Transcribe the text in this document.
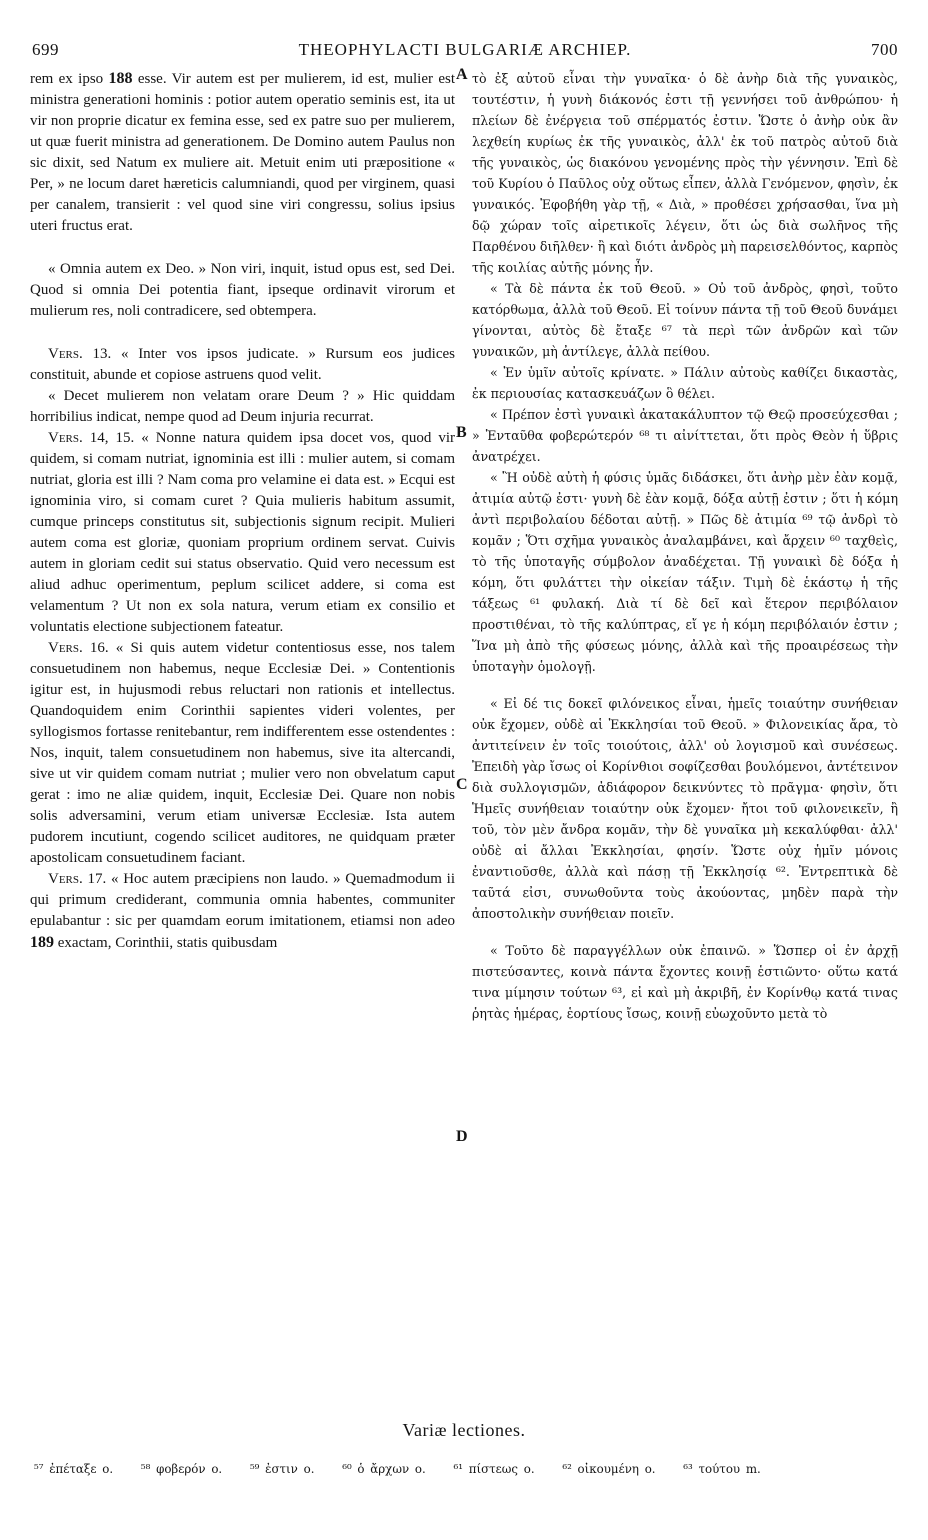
699	THEOPHYLACTI BULGARIÆ ARCHIEP.	700

rem ex ipso 188 esse. Vir autem est per mulierem, id est, mulier est ministra generationi hominis : potior autem operatio seminis est, ita ut vir non proprie dicatur ex femina esse, sed ex patre suo per mulierem, ut quæ fuerit ministra ad generationem. De Domino autem Paulus non sic dixit, sed Natum ex muliere ait. Metuit enim uti præpositione « Per, » ne locum daret hæreticis calumniandi, quod per virginem, quasi per canalem, transierit : vel quod sine viri congressu, solius ipsius uteri fructus erat.

« Omnia autem ex Deo. » Non viri, inquit, istud opus est, sed Dei. Quod si omnia Dei potentia fiant, ipseque ordinavit virorum et mulierum res, noli contradicere, sed obtempera.

Vers. 13. « Inter vos ipsos judicate. » Rursum eos judices constituit, abunde et copiose astruens quod velit.

« Decet mulierem non velatam orare Deum ? » Hic quiddam horribilius indicat, nempe quod ad Deum injuria recurrat.

Vers. 14, 15. « Nonne natura quidem ipsa docet vos, quod vir quidem, si comam nutriat, ignominia est illi : mulier autem, si comam nutriat, gloria est illi ? Nam coma pro velamine ei data est. » Ecqui est ignominia viro, si comam curet ? Quia mulieris habitum assumit, cumque princeps constitutus sit, subjectionis signum recipit. Mulieri autem coma est gloriæ, quoniam proprium ordinem servat. Cuivis autem in gloriam cedit sui status observatio. Quid vero necessum est aliud adhuc operimentum, peplum scilicet addere, si coma est velamentum ? Ut non ex sola natura, verum etiam ex consilio et voluntatis electione subjectionem fateatur.

Vers. 16. « Si quis autem videtur contentiosus esse, nos talem consuetudinem non habemus, neque Ecclesiæ Dei. » Contentionis igitur est, in hujusmodi rebus reluctari non rationis et intellectus. Quandoquidem enim Corinthii sapientes videri volentes, per syllogismos fortasse renitebantur, rem indifferentem esse ostendentes : Nos, inquit, talem consuetudinem non habemus, sive ita altercandi, sive ut vir quidem comam nutriat ; mulier vero non obvelatum caput gerat : imo ne aliæ quidem, inquit, Ecclesiæ Dei. Quare non nobis solis adversamini, verum etiam universæ Ecclesiæ. Ista autem pudorem incutiunt, cogendo scilicet auditores, ne quidquam præter apostolicam consuetudinem faciant.

Vers. 17. « Hoc autem præcipiens non laudo. » Quemadmodum ii qui primum crediderant, communia omnia habentes, communiter epulabantur : sic per quamdam eorum imitationem, etiamsi non adeo 189 exactam, Corinthii, statis quibusdam

A
B
C
D

τὸ ἐξ αὐτοῦ εἶναι τὴν γυναῖκα· ὁ δὲ ἀνὴρ διὰ τῆς γυναικὸς, τουτέστιν, ἡ γυνὴ διάκονός ἐστι τῇ γεννήσει τοῦ ἀνθρώπου· ἡ πλείων δὲ ἐνέργεια τοῦ σπέρματός ἐστιν. Ὥστε ὁ ἀνὴρ οὐκ ἂν λεχθείη κυρίως ἐκ τῆς γυναικὸς, ἀλλ' ἐκ τοῦ πατρὸς αὐτοῦ διὰ τῆς γυναικὸς, ὡς διακόνου γενομένης πρὸς τὴν γέννησιν. Ἐπὶ δὲ τοῦ Κυρίου ὁ Παῦλος οὐχ οὕτως εἶπεν, ἀλλὰ Γενόμενον, φησὶν, ἐκ γυναικός. Ἐφοβήθη γὰρ τῇ, « Διὰ, » προθέσει χρήσασθαι, ἵνα μὴ δῷ χώραν τοῖς αἱρετικοῖς λέγειν, ὅτι ὡς διὰ σωλῆνος τῆς Παρθένου διῆλθεν· ἢ καὶ διότι ἀνδρὸς μὴ παρεισελθόντος, καρπὸς τῆς κοιλίας αὐτῆς μόνης ἦν.

« Τὰ δὲ πάντα ἐκ τοῦ Θεοῦ. » Οὐ τοῦ ἀνδρὸς, φησὶ, τοῦτο κατόρθωμα, ἀλλὰ τοῦ Θεοῦ. Εἰ τοίνυν πάντα τῇ τοῦ Θεοῦ δυνάμει γίνονται, αὐτὸς δὲ ἔταξε ⁶⁷ τὰ περὶ τῶν ἀνδρῶν καὶ τῶν γυναικῶν, μὴ ἀντίλεγε, ἀλλὰ πείθου.

« Ἐν ὑμῖν αὐτοῖς κρίνατε. » Πάλιν αὐτοὺς καθίζει δικαστὰς, ἐκ περιουσίας κατασκευάζων ὃ θέλει.

« Πρέπον ἐστὶ γυναικὶ ἀκατακάλυπτον τῷ Θεῷ προσεύχεσθαι ; » Ἐνταῦθα φοβερώτερόν ⁶⁸ τι αἰνίττεται, ὅτι πρὸς Θεὸν ἡ ὕβρις ἀνατρέχει.

« Ἢ οὐδὲ αὐτὴ ἡ φύσις ὑμᾶς διδάσκει, ὅτι ἀνὴρ μὲν ἐὰν κομᾷ, ἀτιμία αὐτῷ ἐστι· γυνὴ δὲ ἐὰν κομᾷ, δόξα αὐτῇ ἐστιν ; ὅτι ἡ κόμη ἀντὶ περιβολαίου δέδοται αὐτῇ. » Πῶς δὲ ἀτιμία ⁶⁹ τῷ ἀνδρὶ τὸ κομᾶν ; Ὅτι σχῆμα γυναικὸς ἀναλαμβάνει, καὶ ἄρχειν ⁶⁰ ταχθεὶς, τὸ τῆς ὑποταγῆς σύμβολον ἀναδέχεται. Τῇ γυναικὶ δὲ δόξα ἡ κόμη, ὅτι φυλάττει τὴν οἰκείαν τάξιν. Τιμὴ δὲ ἑκάστῳ ἡ τῆς τάξεως ⁶¹ φυλακή. Διὰ τί δὲ δεῖ καὶ ἕτερον περιβόλαιον προστιθέναι, τὸ τῆς καλύπτρας, εἴ γε ἡ κόμη περιβόλαιόν ἐστιν ; Ἵνα μὴ ἀπὸ τῆς φύσεως μόνης, ἀλλὰ καὶ τῆς προαιρέσεως τὴν ὑποταγὴν ὁμολογῇ.

« Εἰ δέ τις δοκεῖ φιλόνεικος εἶναι, ἡμεῖς τοιαύτην συνήθειαν οὐκ ἔχομεν, οὐδὲ αἱ Ἐκκλησίαι τοῦ Θεοῦ. » Φιλονεικίας ἄρα, τὸ ἀντιτείνειν ἐν τοῖς τοιούτοις, ἀλλ' οὐ λογισμοῦ καὶ συνέσεως. Ἐπειδὴ γὰρ ἴσως οἱ Κορίνθιοι σοφίζεσθαι βουλόμενοι, ἀντέτεινον διὰ συλλογισμῶν, ἀδιάφορον δεικνύντες τὸ πρᾶγμα· φησὶν, ὅτι Ἡμεῖς συνήθειαν τοιαύτην οὐκ ἔχομεν· ἤτοι τοῦ φιλονεικεῖν, ἢ τοῦ, τὸν μὲν ἄνδρα κομᾶν, τὴν δὲ γυναῖκα μὴ κεκαλύφθαι· ἀλλ' οὐδὲ αἱ ἄλλαι Ἐκκλησίαι, φησίν. Ὥστε οὐχ ἡμῖν μόνοις ἐναντιοῦσθε, ἀλλὰ καὶ πάσῃ τῇ Ἐκκλησίᾳ ⁶². Ἐντρεπτικὰ δὲ ταῦτά εἰσι, συνωθοῦντα τοὺς ἀκούοντας, μηδὲν παρὰ τὴν ἀποστολικὴν συνήθειαν ποιεῖν.

« Τοῦτο δὲ παραγγέλλων οὐκ ἐπαινῶ. » Ὥσπερ οἱ ἐν ἀρχῇ πιστεύσαντες, κοινὰ πάντα ἔχοντες κοινῇ ἑστιῶντο· οὕτω κατά τινα μίμησιν τούτων ⁶³, εἰ καὶ μὴ ἀκριβῆ, ἐν Κορίνθῳ κατά τινας ῥητὰς ἡμέρας, ἑορτίους ἴσως, κοινῇ εὐωχοῦντο μετὰ τὸ

Variæ lectiones.
⁵⁷ ἐπέταξε ο. ⁵⁸ φοβερόν ο. ⁵⁹ ἐστιν ο. ⁶⁰ ὁ ἄρχων ο. ⁶¹ πίστεως ο. ⁶² οἰκουμένη ο. ⁶³ τούτου m.
